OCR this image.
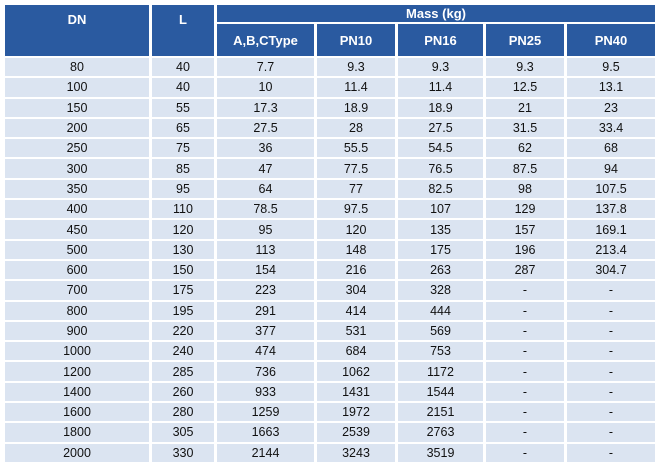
DN	L	Mass (kg)				
		A,B,CType	PN10	PN16	PN25	PN40
80	40	7.7	9.3	9.3	9.3	9.5
100	40	10	11.4	11.4	12.5	13.1
150	55	17.3	18.9	18.9	21	23
200	65	27.5	28	27.5	31.5	33.4
250	75	36	55.5	54.5	62	68
300	85	47	77.5	76.5	87.5	94
350	95	64	77	82.5	98	107.5
400	110	78.5	97.5	107	129	137.8
450	120	95	120	135	157	169.1
500	130	113	148	175	196	213.4
600	150	154	216	263	287	304.7
700	175	223	304	328	-	-
800	195	291	414	444	-	-
900	220	377	531	569	-	-
1000	240	474	684	753	-	-
1200	285	736	1062	1172	-	-
1400	260	933	1431	1544	-	-
1600	280	1259	1972	2151	-	-
1800	305	1663	2539	2763	-	-
2000	330	2144	3243	3519	-	-
